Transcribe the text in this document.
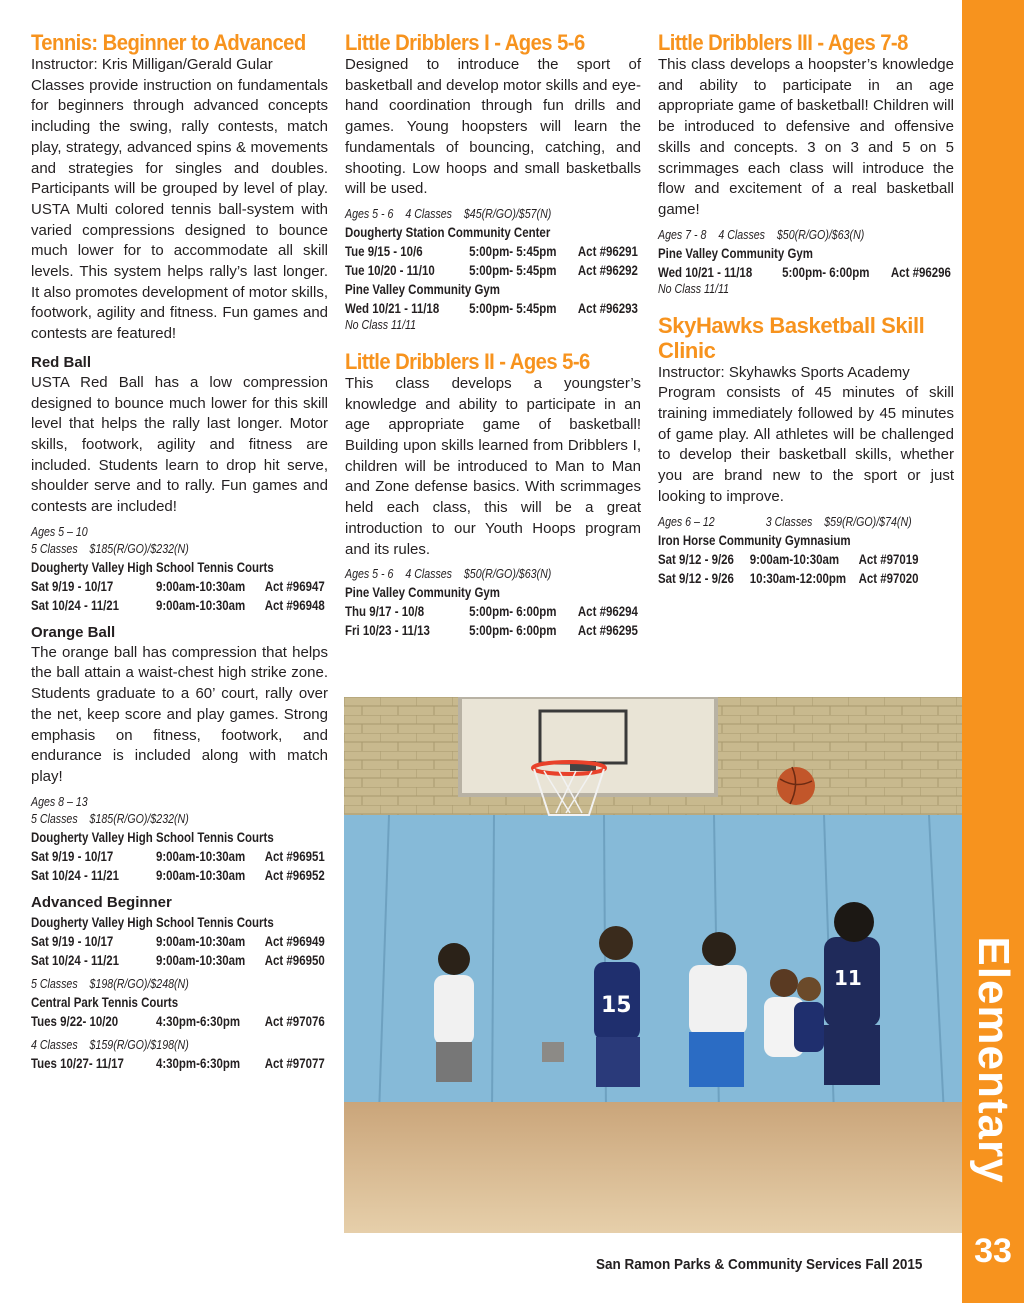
Tennis: Beginner to Advanced

Instructor: Kris Milligan/Gerald Gular

Classes provide instruction on fundamentals for beginners through advanced concepts including the swing, rally contests, match play, strategy, advanced spins & movements and strategies for singles and doubles. Participants will be grouped by level of play. USTA Multi colored tennis ball-system with varied compressions designed to bounce much lower for to accommodate all skill levels. This system helps rally’s last longer. It also promotes development of motor skills, footwork, agility and fitness. Fun games and contests are featured!

Red Ball

USTA Red Ball has a low compression designed to bounce much lower for this skill level that helps the rally last longer. Motor skills, footwork, agility and fitness are included. Students learn to drop hit serve, shoulder serve and to rally. Fun games and contests are included!

Ages 5 – 10
5 Classes $185(R/GO)/$232(N)
Dougherty Valley High School Tennis Courts
Sat 9/19 - 10/17	9:00am-10:30am	Act #96947
Sat 10/24 - 11/21	9:00am-10:30am	Act #96948
Orange Ball

The orange ball has compression that helps the ball attain a waist-chest high strike zone. Students graduate to a 60’ court, rally over the net, keep score and play games. Strong emphasis on fitness, footwork, and endurance is included along with match play!

Ages 8 – 13
5 Classes $185(R/GO)/$232(N)
Dougherty Valley High School Tennis Courts
Sat 9/19 - 10/17	9:00am-10:30am	Act #96951
Sat 10/24 - 11/21	9:00am-10:30am	Act #96952
Advanced Beginner
Dougherty Valley High School Tennis Courts
Sat 9/19 - 10/17	9:00am-10:30am	Act #96949
Sat 10/24 - 11/21	9:00am-10:30am	Act #96950
5 Classes $198(R/GO)/$248(N)
Central Park Tennis Courts
Tues 9/22- 10/20	4:30pm-6:30pm	Act #97076
4 Classes $159(R/GO)/$198(N)
Tues 10/27- 11/17	4:30pm-6:30pm	Act #97077
Little Dribblers I - Ages 5-6

Designed to introduce the sport of basketball and develop motor skills and eye-hand coordination through fun drills and games. Young hoopsters will learn the fundamentals of bouncing, catching, and shooting. Low hoops and small basketballs will be used.

Ages 5 - 6 4 Classes $45(R/GO)/$57(N)
Dougherty Station Community Center
Tue 9/15 - 10/6	5:00pm- 5:45pm	Act #96291
Tue 10/20 - 11/10	5:00pm- 5:45pm	Act #96292
Pine Valley Community Gym
Wed 10/21 - 11/18	5:00pm- 5:45pm	Act #96293
No Class 11/11
Little Dribblers II - Ages 5-6

This class develops a youngster’s knowledge and ability to participate in an age appropriate game of basketball! Building upon skills learned from Dribblers I, children will be introduced to Man to Man and Zone defense basics. With scrimmages held each class, this will be a great introduction to our Youth Hoops program and its rules.

Ages 5 - 6 4 Classes $50(R/GO)/$63(N)
Pine Valley Community Gym
Thu 9/17 - 10/8	5:00pm- 6:00pm	Act #96294
Fri 10/23 - 11/13	5:00pm- 6:00pm	Act #96295
Little Dribblers III - Ages 7-8

This class develops a hoopster’s knowledge and ability to participate in an age appropriate game of basketball! Children will be introduced to defensive and offensive skills and concepts. 3 on 3 and 5 on 5 scrimmages each class will introduce the flow and excitement of a real basketball game!

Ages 7 - 8 4 Classes $50(R/GO)/$63(N)
Pine Valley Community Gym
Wed 10/21 - 11/18	5:00pm- 6:00pm	Act #96296
No Class 11/11
SkyHawks Basketball Skill Clinic

Instructor: Skyhawks Sports Academy

Program consists of 45 minutes of skill training immediately followed by 45 minutes of game play. All athletes will be challenged to develop their basketball skills, whether you are brand new to the sport or just looking to improve.

Ages 6 – 12	3 Classes $59(R/GO)/$74(N)
Iron Horse Community Gymnasium
Sat 9/12 - 9/26	9:00am-10:30am	Act #97019
Sat 9/12 - 9/26	10:30am-12:00pm Act #97020
15
11 Elementary
33
San Ramon Parks & Community Services Fall 2015
